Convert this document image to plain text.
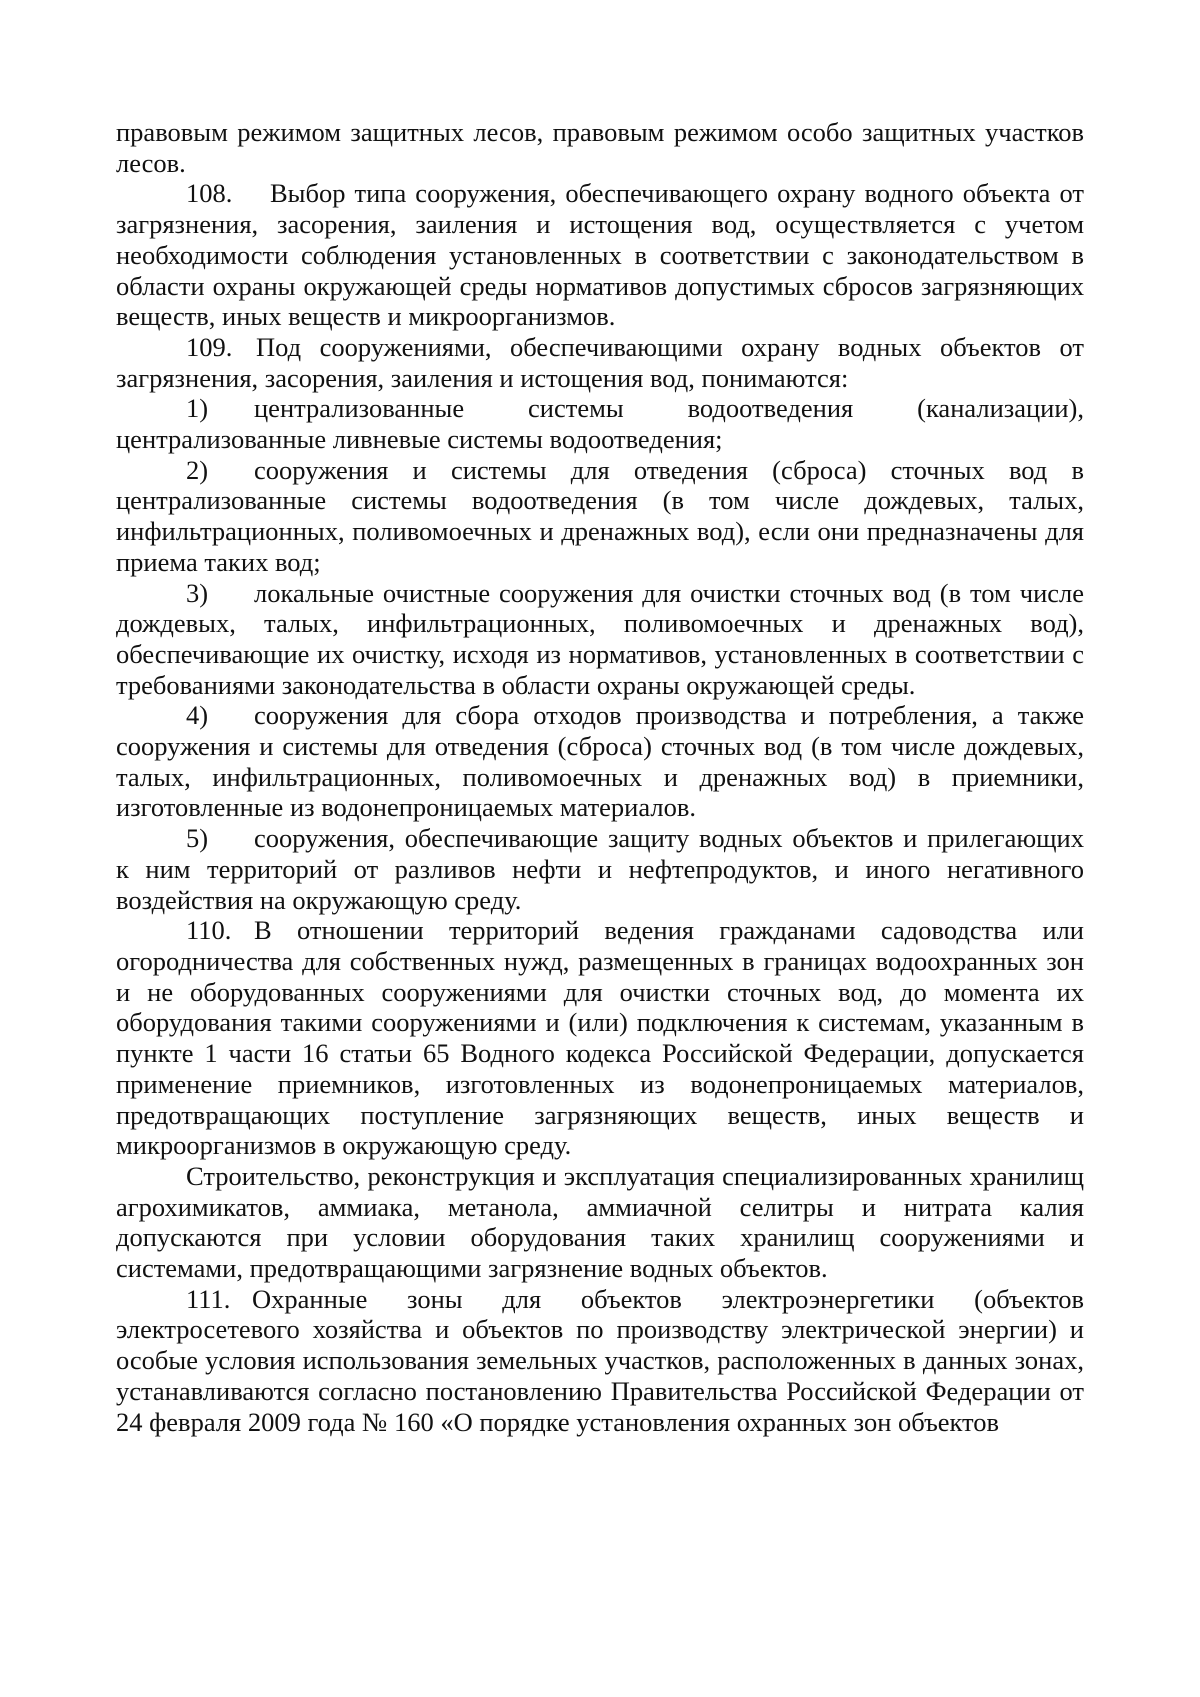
правовым режимом защитных лесов, правовым режимом особо защитных участков лесов.

108. Выбор типа сооружения, обеспечивающего охрану водного объекта от загрязнения, засорения, заиления и истощения вод, осуществляется с учетом необходимости соблюдения установленных в соответствии с законодательством в области охраны окружающей среды нормативов допустимых сбросов загрязняющих веществ, иных веществ и микроорганизмов.

109. Под сооружениями, обеспечивающими охрану водных объектов от загрязнения, засорения, заиления и истощения вод, понимаются:

1) централизованные системы водоотведения (канализации), централизованные ливневые системы водоотведения;

2) сооружения и системы для отведения (сброса) сточных вод в централизованные системы водоотведения (в том числе дождевых, талых, инфильтрационных, поливомоечных и дренажных вод), если они предназначены для приема таких вод;

3) локальные очистные сооружения для очистки сточных вод (в том числе дождевых, талых, инфильтрационных, поливомоечных и дренажных вод), обеспечивающие их очистку, исходя из нормативов, установленных в соответствии с требованиями законодательства в области охраны окружающей среды.

4) сооружения для сбора отходов производства и потребления, а также сооружения и системы для отведения (сброса) сточных вод (в том числе дождевых, талых, инфильтрационных, поливомоечных и дренажных вод) в приемники, изготовленные из водонепроницаемых материалов.

5) сооружения, обеспечивающие защиту водных объектов и прилегающих к ним территорий от разливов нефти и нефтепродуктов, и иного негативного воздействия на окружающую среду.

110. В отношении территорий ведения гражданами садоводства или огородничества для собственных нужд, размещенных в границах водоохранных зон и не оборудованных сооружениями для очистки сточных вод, до момента их оборудования такими сооружениями и (или) подключения к системам, указанным в пункте 1 части 16 статьи 65 Водного кодекса Российской Федерации, допускается применение приемников, изготовленных из водонепроницаемых материалов, предотвращающих поступление загрязняющих веществ, иных веществ и микроорганизмов в окружающую среду.

Строительство, реконструкция и эксплуатация специализированных хранилищ агрохимикатов, аммиака, метанола, аммиачной селитры и нитрата калия допускаются при условии оборудования таких хранилищ сооружениями и системами, предотвращающими загрязнение водных объектов.

111. Охранные зоны для объектов электроэнергетики (объектов электросетевого хозяйства и объектов по производству электрической энергии) и особые условия использования земельных участков, расположенных в данных зонах, устанавливаются согласно постановлению Правительства Российской Федерации от 24 февраля 2009 года № 160 «О порядке установления охранных зон объектов
